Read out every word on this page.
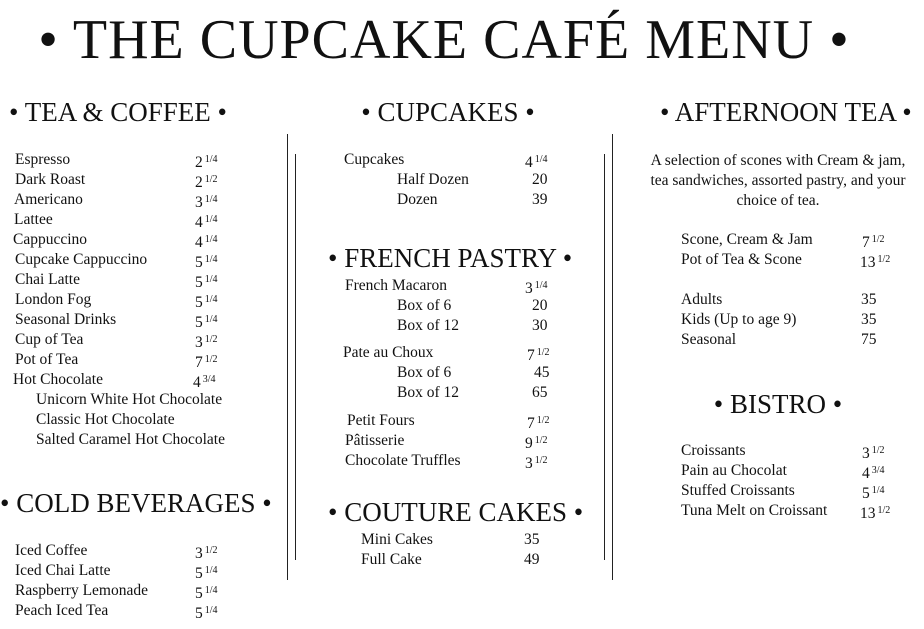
• THE CUPCAKE CAFÉ MENU •
• TEA & COFFEE •
Espresso	2 $^{1/4}$
Dark Roast	2 $^{1/2}$
Americano	3 $^{1/4}$
Lattee	4 $^{1/4}$
Cappuccino	4 $^{1/4}$
Cupcake Cappuccino	5 $^{1/4}$
Chai Latte	5 $^{1/4}$
London Fog	5 $^{1/4}$
Seasonal Drinks	5 $^{1/4}$
Cup of Tea	3 $^{1/2}$
Pot of Tea	7 $^{1/2}$
Hot Chocolate	4 $^{3/4}$
Unicorn White Hot Chocolate
Classic Hot Chocolate
Salted Caramel Hot Chocolate
• COLD BEVERAGES •
Iced Coffee	3 $^{1/2}$
Iced Chai Latte	5 $^{1/4}$
Raspberry Lemonade	5 $^{1/4}$
Peach Iced Tea	5 $^{1/4}$
• CUPCAKES •
Cupcakes	4 $^{1/4}$
Half Dozen	20
Dozen	39
• FRENCH PASTRY •
French Macaron	3 $^{1/4}$
Box of 6	20
Box of 12	30
Pate au Choux	7 $^{1/2}$
Box of 6	45
Box of 12	65
Petit Fours	7 $^{1/2}$
Pâtisserie	9 $^{1/2}$
Chocolate Truffles	3 $^{1/2}$
• COUTURE CAKES •
Mini Cakes	35
Full Cake	49
• AFTERNOON TEA •
A selection of scones with Cream & jam, tea sandwiches, assorted pastry, and your choice of tea.
Scone, Cream & Jam	7 $^{1/2}$
Pot of Tea & Scone	13 $^{1/2}$
Adults	35
Kids (Up to age 9)	35
Seasonal	75
• BISTRO •
Croissants	3 $^{1/2}$
Pain au Chocolat	4 $^{3/4}$
Stuffed Croissants	5 $^{1/4}$
Tuna Melt on Croissant 13 $^{1/2}$
